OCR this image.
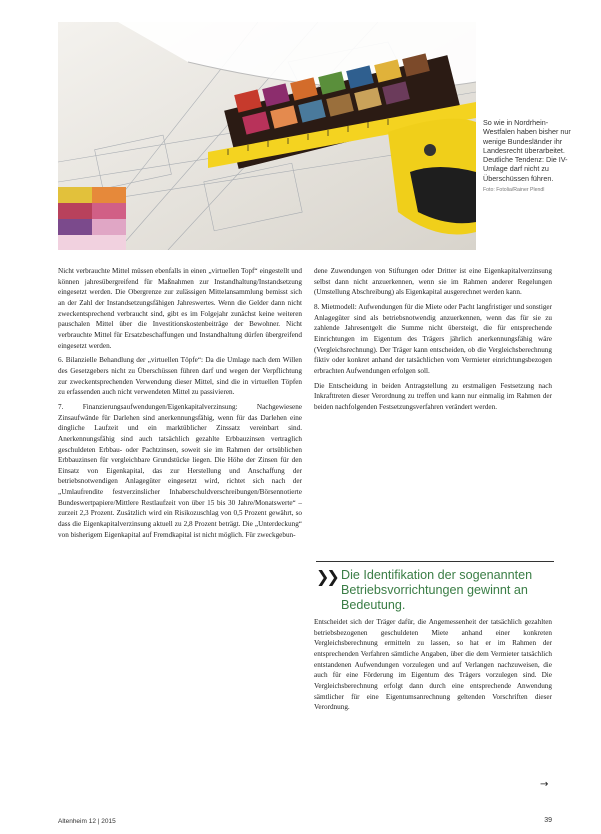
So wie in Nordrhein-Westfalen haben bisher nur wenige Bundesländer ihr Landesrecht überarbeitet. Deutliche Tendenz: Die IV-Umlage darf nicht zu Überschüssen führen.
Foto: Fotolia/Rainer Plendl

Nicht verbrauchte Mittel müssen ebenfalls in einen „virtuellen Topf“ eingestellt und können jahresübergreifend für Maßnahmen zur Instandhaltung/Instandsetzung eingesetzt werden. Die Obergrenze zur zulässigen Mittelansammlung bemisst sich an der Zahl der Instandsetzungsfähigen Jahreswertes. Wenn die Gelder dann nicht zweckentsprechend verbraucht sind, gibt es im Folgejahr zunächst keine weiteren pauschalen Mittel über die Investitionskostenbeiträge der Bewohner. Nicht verbrauchte Mittel für Ersatzbeschaffungen und Instandhaltung dürfen übergreifend eingesetzt werden.

6. Bilanzielle Behandlung der „virtuellen Töpfe“: Da die Umlage nach dem Willen des Gesetzgebers nicht zu Überschüssen führen darf und wegen der Verpflichtung zur zweckentsprechenden Verwendung dieser Mittel, sind die in virtuellen Töpfen zu erfassenden auch nicht verwendeten Mittel zu passivieren.

7. Finanzierungsaufwendungen/Eigenkapitalverzinsung: Nachgewiesene Zinsaufwände für Darlehen sind anerkennungsfähig, wenn für das Darlehen eine dingliche Laufzeit und ein marktüblicher Zinssatz vereinbart sind. Anerkennungsfähig sind auch tatsächlich gezahlte Erbbauzinsen vertraglich geschuldeten Erbbau- oder Pachtzinsen, soweit sie im Rahmen der ortsüblichen Erbbauzinsen für vergleichbare Grundstücke liegen. Die Höhe der Zinsen für den Einsatz von Eigenkapital, das zur Herstellung und Anschaffung der betriebsnotwendigen Anlagegüter eingesetzt wird, richtet sich nach der „Umlaufrendite festverzinslicher Inhaberschuldverschreibungen/Börsennotierte Bundeswertpapiere/Mittlere Restlaufzeit von über 15 bis 30 Jahre/Monatswerte“ – zurzeit 2,3 Prozent. Zusätzlich wird ein Risikozuschlag von 0,5 Prozent gewährt, so dass die Eigenkapitalverzinsung aktuell zu 2,8 Prozent beträgt. Die „Unterdeckung“ von bisherigem Eigenkapital auf Fremdkapital ist nicht möglich. Für zweckgebun-

dene Zuwendungen von Stiftungen oder Dritter ist eine Eigenkapitalverzinsung selbst dann nicht anzuerkennen, wenn sie im Rahmen anderer Regelungen (Umstellung Abschreibung) als Eigenkapital ausgerechnet werden kann.

8. Mietmodell: Aufwendungen für die Miete oder Pacht langfristiger und sonstiger Anlagegüter sind als betriebsnotwendig anzuerkennen, wenn das für sie zu zahlende Jahresentgelt die Summe nicht übersteigt, die für entsprechende Einrichtungen im Eigentum des Trägers jährlich anerkennungsfähig wäre (Vergleichsrechnung). Der Träger kann entscheiden, ob die Vergleichsberechnung fiktiv oder konkret anhand der tatsächlichen vom Vermieter einrichtungsbezogen erbrachten Aufwendungen erfolgen soll.

Die Entscheidung in beiden Antragstellung zu erstmaligen Festsetzung nach Inkrafttreten dieser Verordnung zu treffen und kann nur einmalig im Rahmen der beiden nachfolgenden Festsetzungsverfahren verändert werden.

❯❯ Die Identifikation der sogenannten Betriebsvorrichtungen gewinnt an Bedeutung.

Entscheidet sich der Träger dafür, die Angemessenheit der tatsächlich gezahlten betriebsbezogenen geschuldeten Miete anhand einer konkreten Vergleichsberechnung ermitteln zu lassen, so hat er im Rahmen der entsprechenden Verfahren sämtliche Angaben, über die dem Vermieter tatsächlich entstandenen Aufwendungen vorzulegen und auf Verlangen nachzuweisen, die auch für eine Förderung im Eigentum des Trägers vorzulegen sind. Die Vergleichsberechnung erfolgt dann durch eine entsprechende Anwendung sämtlicher für eine Eigentumsanrechnung geltenden Vorschriften dieser Verordnung.

→
Altenheim 12 | 2015	39
